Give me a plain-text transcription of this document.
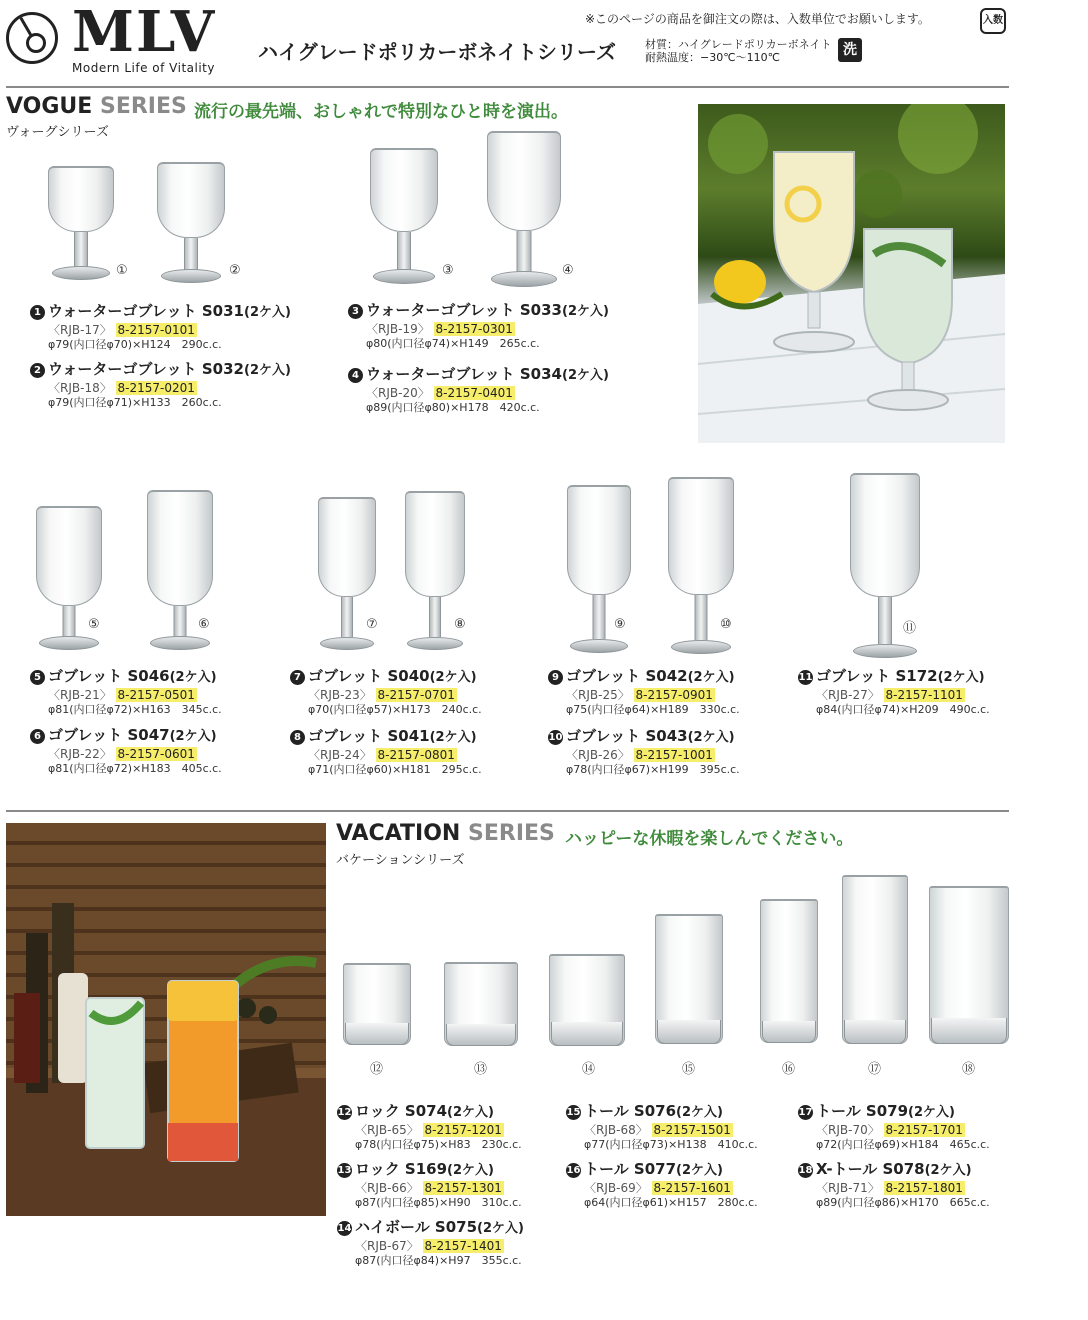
MLV
Modern Life of Vitality
ハイグレードポリカーボネイトシリーズ
※このページの商品を御注文の際は、入数単位でお願いします。	入数
材質：ハイグレードポリカーボネイト
耐熱温度：−30℃〜110℃	洗
VOGUE SERIES 流行の最先端、おしゃれで特別なひと時を演出。
ヴォーグシリーズ
①	②	③	④
1 ウォーターゴブレット S031(2ケ入)
〈RJB-17〉 8-2157-0101
φ79(内口径φ70)×H124　290c.c.
2 ウォーターゴブレット S032(2ケ入)
〈RJB-18〉 8-2157-0201
φ79(内口径φ71)×H133　260c.c.
3 ウォーターゴブレット S033(2ケ入)
〈RJB-19〉 8-2157-0301
φ80(内口径φ74)×H149　265c.c.
4 ウォーターゴブレット S034(2ケ入)
〈RJB-20〉 8-2157-0401
φ89(内口径φ80)×H178　420c.c.
⑤	⑥	⑦	⑧	⑨	⑩	⑪
5 ゴブレット S046(2ケ入)
〈RJB-21〉 8-2157-0501
φ81(内口径φ72)×H163　345c.c.
6 ゴブレット S047(2ケ入)
〈RJB-22〉 8-2157-0601
φ81(内口径φ72)×H183　405c.c.
7 ゴブレット S040(2ケ入)
〈RJB-23〉 8-2157-0701
φ70(内口径φ57)×H173　240c.c.
8 ゴブレット S041(2ケ入)
〈RJB-24〉 8-2157-0801
φ71(内口径φ60)×H181　295c.c.
9 ゴブレット S042(2ケ入)
〈RJB-25〉 8-2157-0901
φ75(内口径φ64)×H189　330c.c.
10 ゴブレット S043(2ケ入)
〈RJB-26〉 8-2157-1001
φ78(内口径φ67)×H199　395c.c.
11 ゴブレット S172(2ケ入)
〈RJB-27〉 8-2157-1101
φ84(内口径φ74)×H209　490c.c.
VACATION SERIES ハッピーな休暇を楽しんでください。
バケーションシリーズ
⑫	⑬	⑭	⑮	⑯	⑰	⑱
12 ロック S074(2ケ入)
〈RJB-65〉 8-2157-1201
φ78(内口径φ75)×H83　230c.c.
13 ロック S169(2ケ入)
〈RJB-66〉 8-2157-1301
φ87(内口径φ85)×H90　310c.c.
14 ハイボール S075(2ケ入)
〈RJB-67〉 8-2157-1401
φ87(内口径φ84)×H97　355c.c.
15 トール S076(2ケ入)
〈RJB-68〉 8-2157-1501
φ77(内口径φ73)×H138　410c.c.
16 トール S077(2ケ入)
〈RJB-69〉 8-2157-1601
φ64(内口径φ61)×H157　280c.c.
17 トール S079(2ケ入)
〈RJB-70〉 8-2157-1701
φ72(内口径φ69)×H184　465c.c.
18 X-トール S078(2ケ入)
〈RJB-71〉 8-2157-1801
φ89(内口径φ86)×H170　665c.c.
